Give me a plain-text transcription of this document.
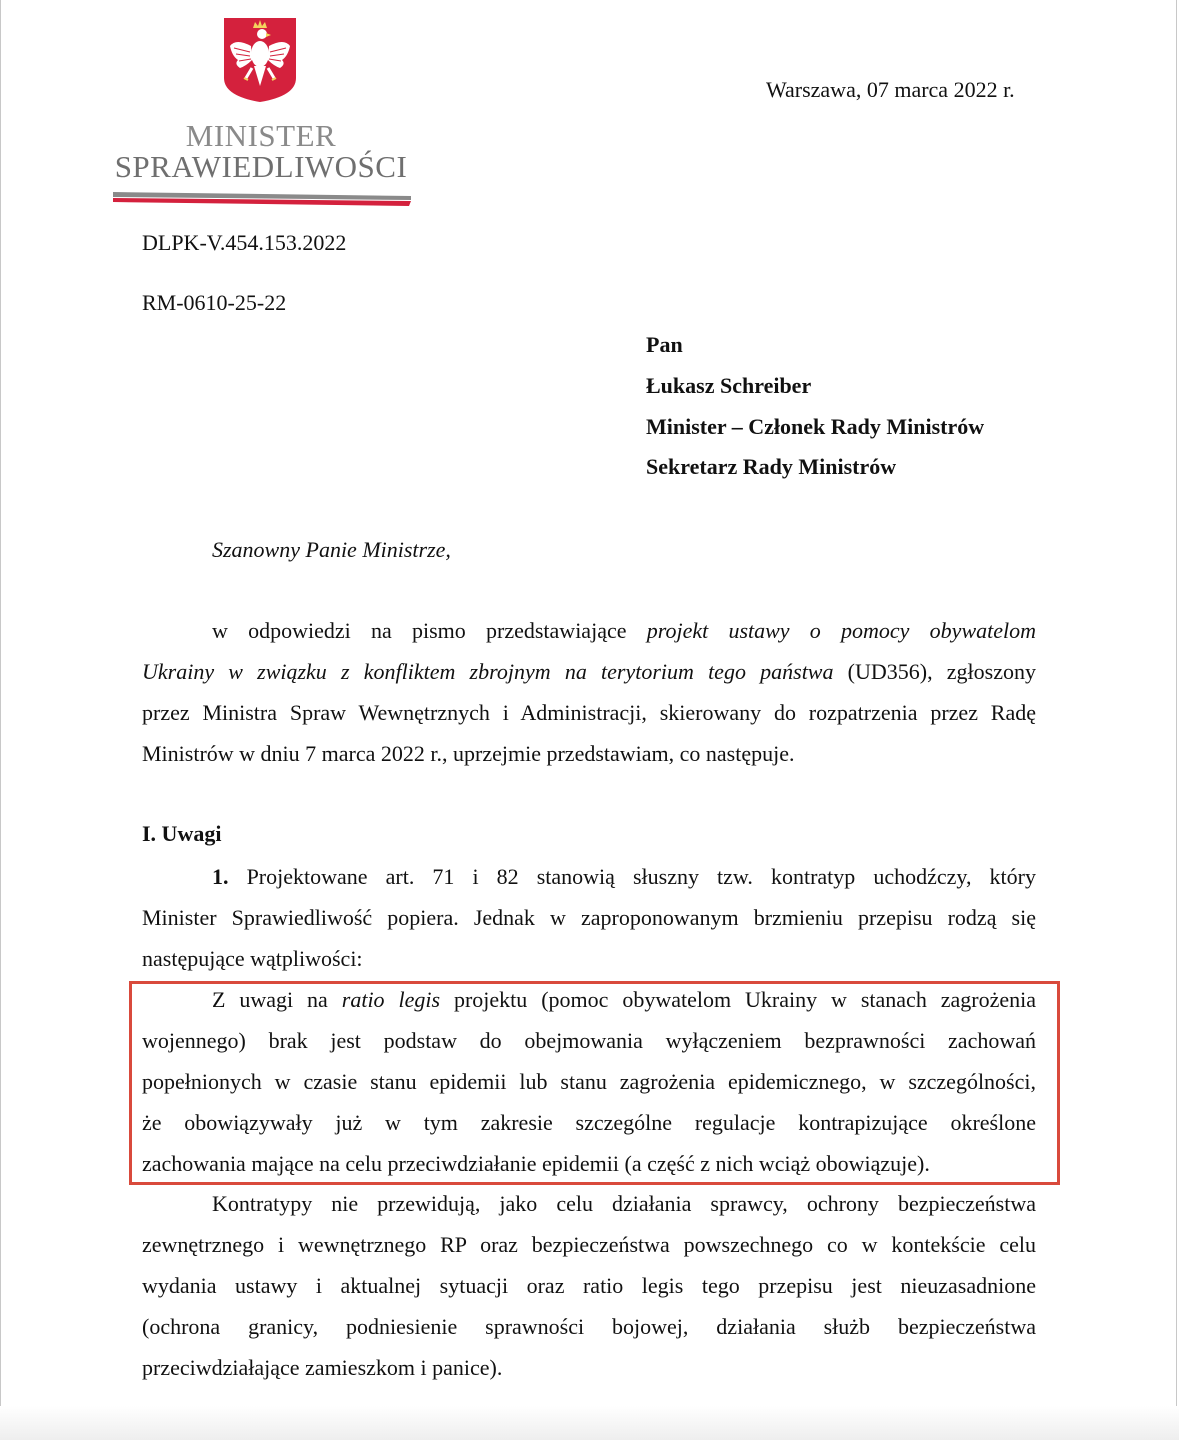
MINISTER
SPRAWIEDLIWOŚCI
Warszawa, 07 marca 2022 r.
DLPK-V.454.153.2022
RM-0610-25-22
Pan
Łukasz Schreiber
Minister – Członek Rady Ministrów
Sekretarz Rady Ministrów
Szanowny Panie Ministrze,
w odpowiedzi na pismo przedstawiające projekt ustawy o pomocy obywatelom
Ukrainy w związku z konfliktem zbrojnym na terytorium tego państwa (UD356), zgłoszony
przez Ministra Spraw Wewnętrznych i Administracji, skierowany do rozpatrzenia przez Radę
Ministrów w dniu 7 marca 2022 r., uprzejmie przedstawiam, co następuje.
I. Uwagi
1. Projektowane art. 71 i 82 stanowią słuszny tzw. kontratyp uchodźczy, który
Minister Sprawiedliwość popiera. Jednak w zaproponowanym brzmieniu przepisu rodzą się
następujące wątpliwości:
Z uwagi na ratio legis projektu (pomoc obywatelom Ukrainy w stanach zagrożenia
wojennego) brak jest podstaw do obejmowania wyłączeniem bezprawności zachowań
popełnionych w czasie stanu epidemii lub stanu zagrożenia epidemicznego, w szczególności,
że obowiązywały już w tym zakresie szczególne regulacje kontrapizujące określone
zachowania mające na celu przeciwdziałanie epidemii (a część z nich wciąż obowiązuje).
Kontratypy nie przewidują, jako celu działania sprawcy, ochrony bezpieczeństwa
zewnętrznego i wewnętrznego RP oraz bezpieczeństwa powszechnego co w kontekście celu
wydania ustawy i aktualnej sytuacji oraz ratio legis tego przepisu jest nieuzasadnione
(ochrona granicy, podniesienie sprawności bojowej, działania służb bezpieczeństwa
przeciwdziałające zamieszkom i panice).
